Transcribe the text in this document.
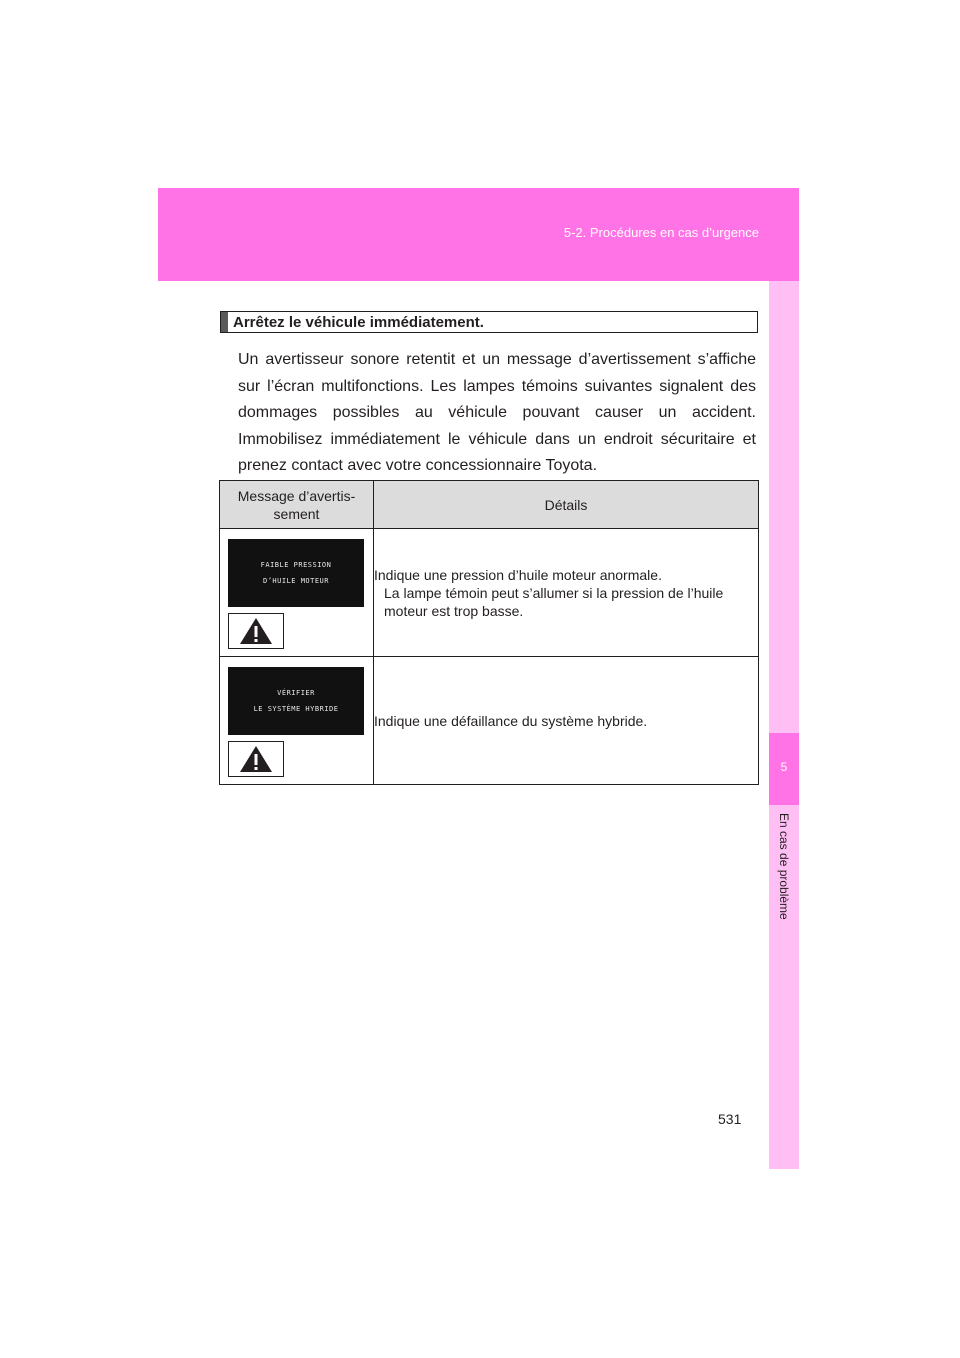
5-2. Procédures en cas d’urgence
5
En cas de problème
Arrêtez le véhicule immédiatement.
Un avertisseur sonore retentit et un message d’avertissement s’affiche sur l’écran multifonctions. Les lampes témoins suivantes signalent des dommages possibles au véhicule pouvant causer un accident. Immobilisez immédiatement le véhicule dans un endroit sécuritaire et prenez contact avec votre concessionnaire Toyota.
Message d’avertis-sement	Détails

FAIBLE PRESSION
D’HUILE MOTEUR	Indique une pression d’huile moteur anormale.
La lampe témoin peut s’allumer si la pression de l’huile moteur est trop basse.

VÉRIFIER
LE SYSTÈME HYBRIDE	Indique une défaillance du système hybride.
531
